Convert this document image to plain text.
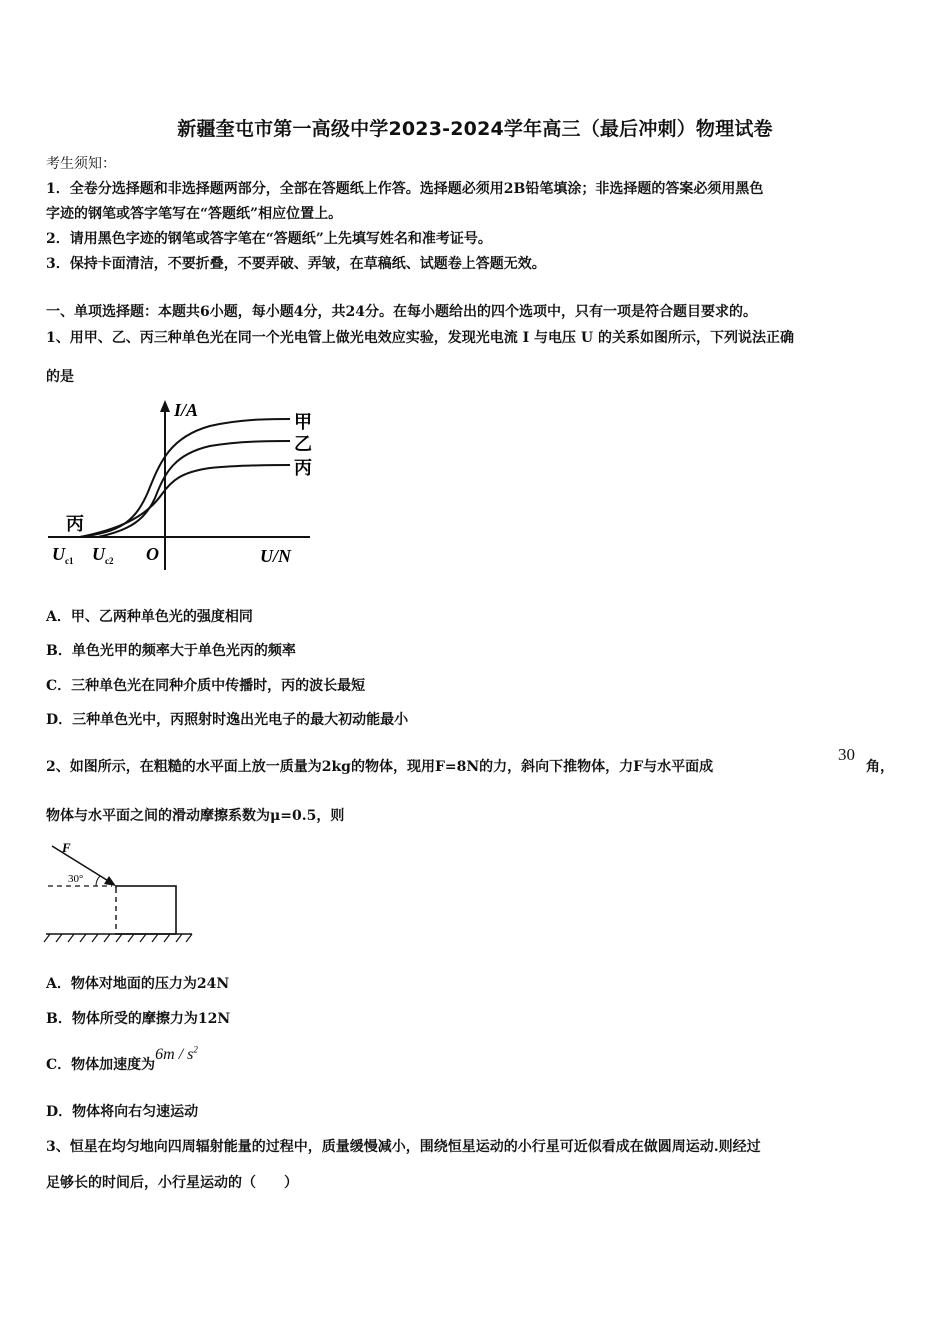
新疆奎屯市第一高级中学2023-2024学年高三（最后冲刺）物理试卷
考生须知：
1．全卷分选择题和非选择题两部分，全部在答题纸上作答。选择题必须用2B铅笔填涂；非选择题的答案必须用黑色
字迹的钢笔或答字笔写在“答题纸”相应位置上。
2．请用黑色字迹的钢笔或答字笔在“答题纸”上先填写姓名和准考证号。
3．保持卡面清洁，不要折叠，不要弄破、弄皱，在草稿纸、试题卷上答题无效。
一、单项选择题：本题共6小题，每小题4分，共24分。在每小题给出的四个选项中，只有一项是符合题目要求的。
1、用甲、乙、丙三种单色光在同一个光电管上做光电效应实验，发现光电流 I 与电压 U 的关系如图所示，下列说法正确
的是
I/A
甲
乙
丙
丙
$U_{c1}$ $U_{c2}$ O	U/N
A．甲、乙两种单色光的强度相同
B．单色光甲的频率大于单色光丙的频率
C．三种单色光在同种介质中传播时，丙的波长最短
D．三种单色光中，丙照射时逸出光电子的最大初动能最小
2、如图所示，在粗糙的水平面上放一质量为2kg的物体，现用F=8N的力，斜向下推物体，力F与水平面成
30
角，
物体与水平面之间的滑动摩擦系数为μ=0.5，则
F
30°
A．物体对地面的压力为24N
B．物体所受的摩擦力为12N
C．物体加速度为$6m / s^2$
D．物体将向右匀速运动
3、恒星在均匀地向四周辐射能量的过程中，质量缓慢减小，围绕恒星运动的小行星可近似看成在做圆周运动.则经过
足够长的时间后，小行星运动的（　　）
